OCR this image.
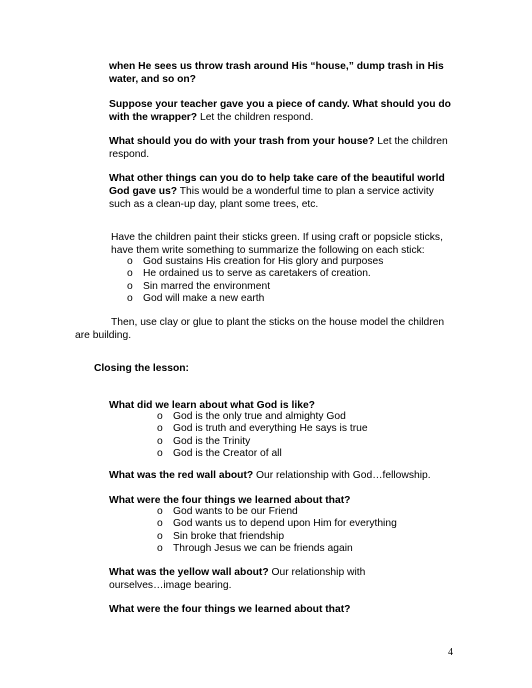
when He sees us throw trash around His “house,” dump trash in His water, and so on?

Suppose your teacher gave you a piece of candy. What should you do with the wrapper? Let the children respond.

What should you do with your trash from your house? Let the children respond.

What other things can you do to help take care of the beautiful world God gave us? This would be a wonderful time to plan a service activity such as a clean-up day, plant some trees, etc.

Have the children paint their sticks green. If using craft or popsicle sticks, have them write something to summarize the following on each stick:

o God sustains His creation for His glory and purposes
o He ordained us to serve as caretakers of creation.
o Sin marred the environment
o God will make a new earth

Then, use clay or glue to plant the sticks on the house model the children are building.

Closing the lesson:

What did we learn about what God is like?

o God is the only true and almighty God
o God is truth and everything He says is true
o God is the Trinity
o God is the Creator of all

What was the red wall about? Our relationship with God…fellowship.

What were the four things we learned about that?

o God wants to be our Friend
o God wants us to depend upon Him for everything
o Sin broke that friendship
o Through Jesus we can be friends again

What was the yellow wall about? Our relationship with ourselves…image bearing.

What were the four things we learned about that?

4
